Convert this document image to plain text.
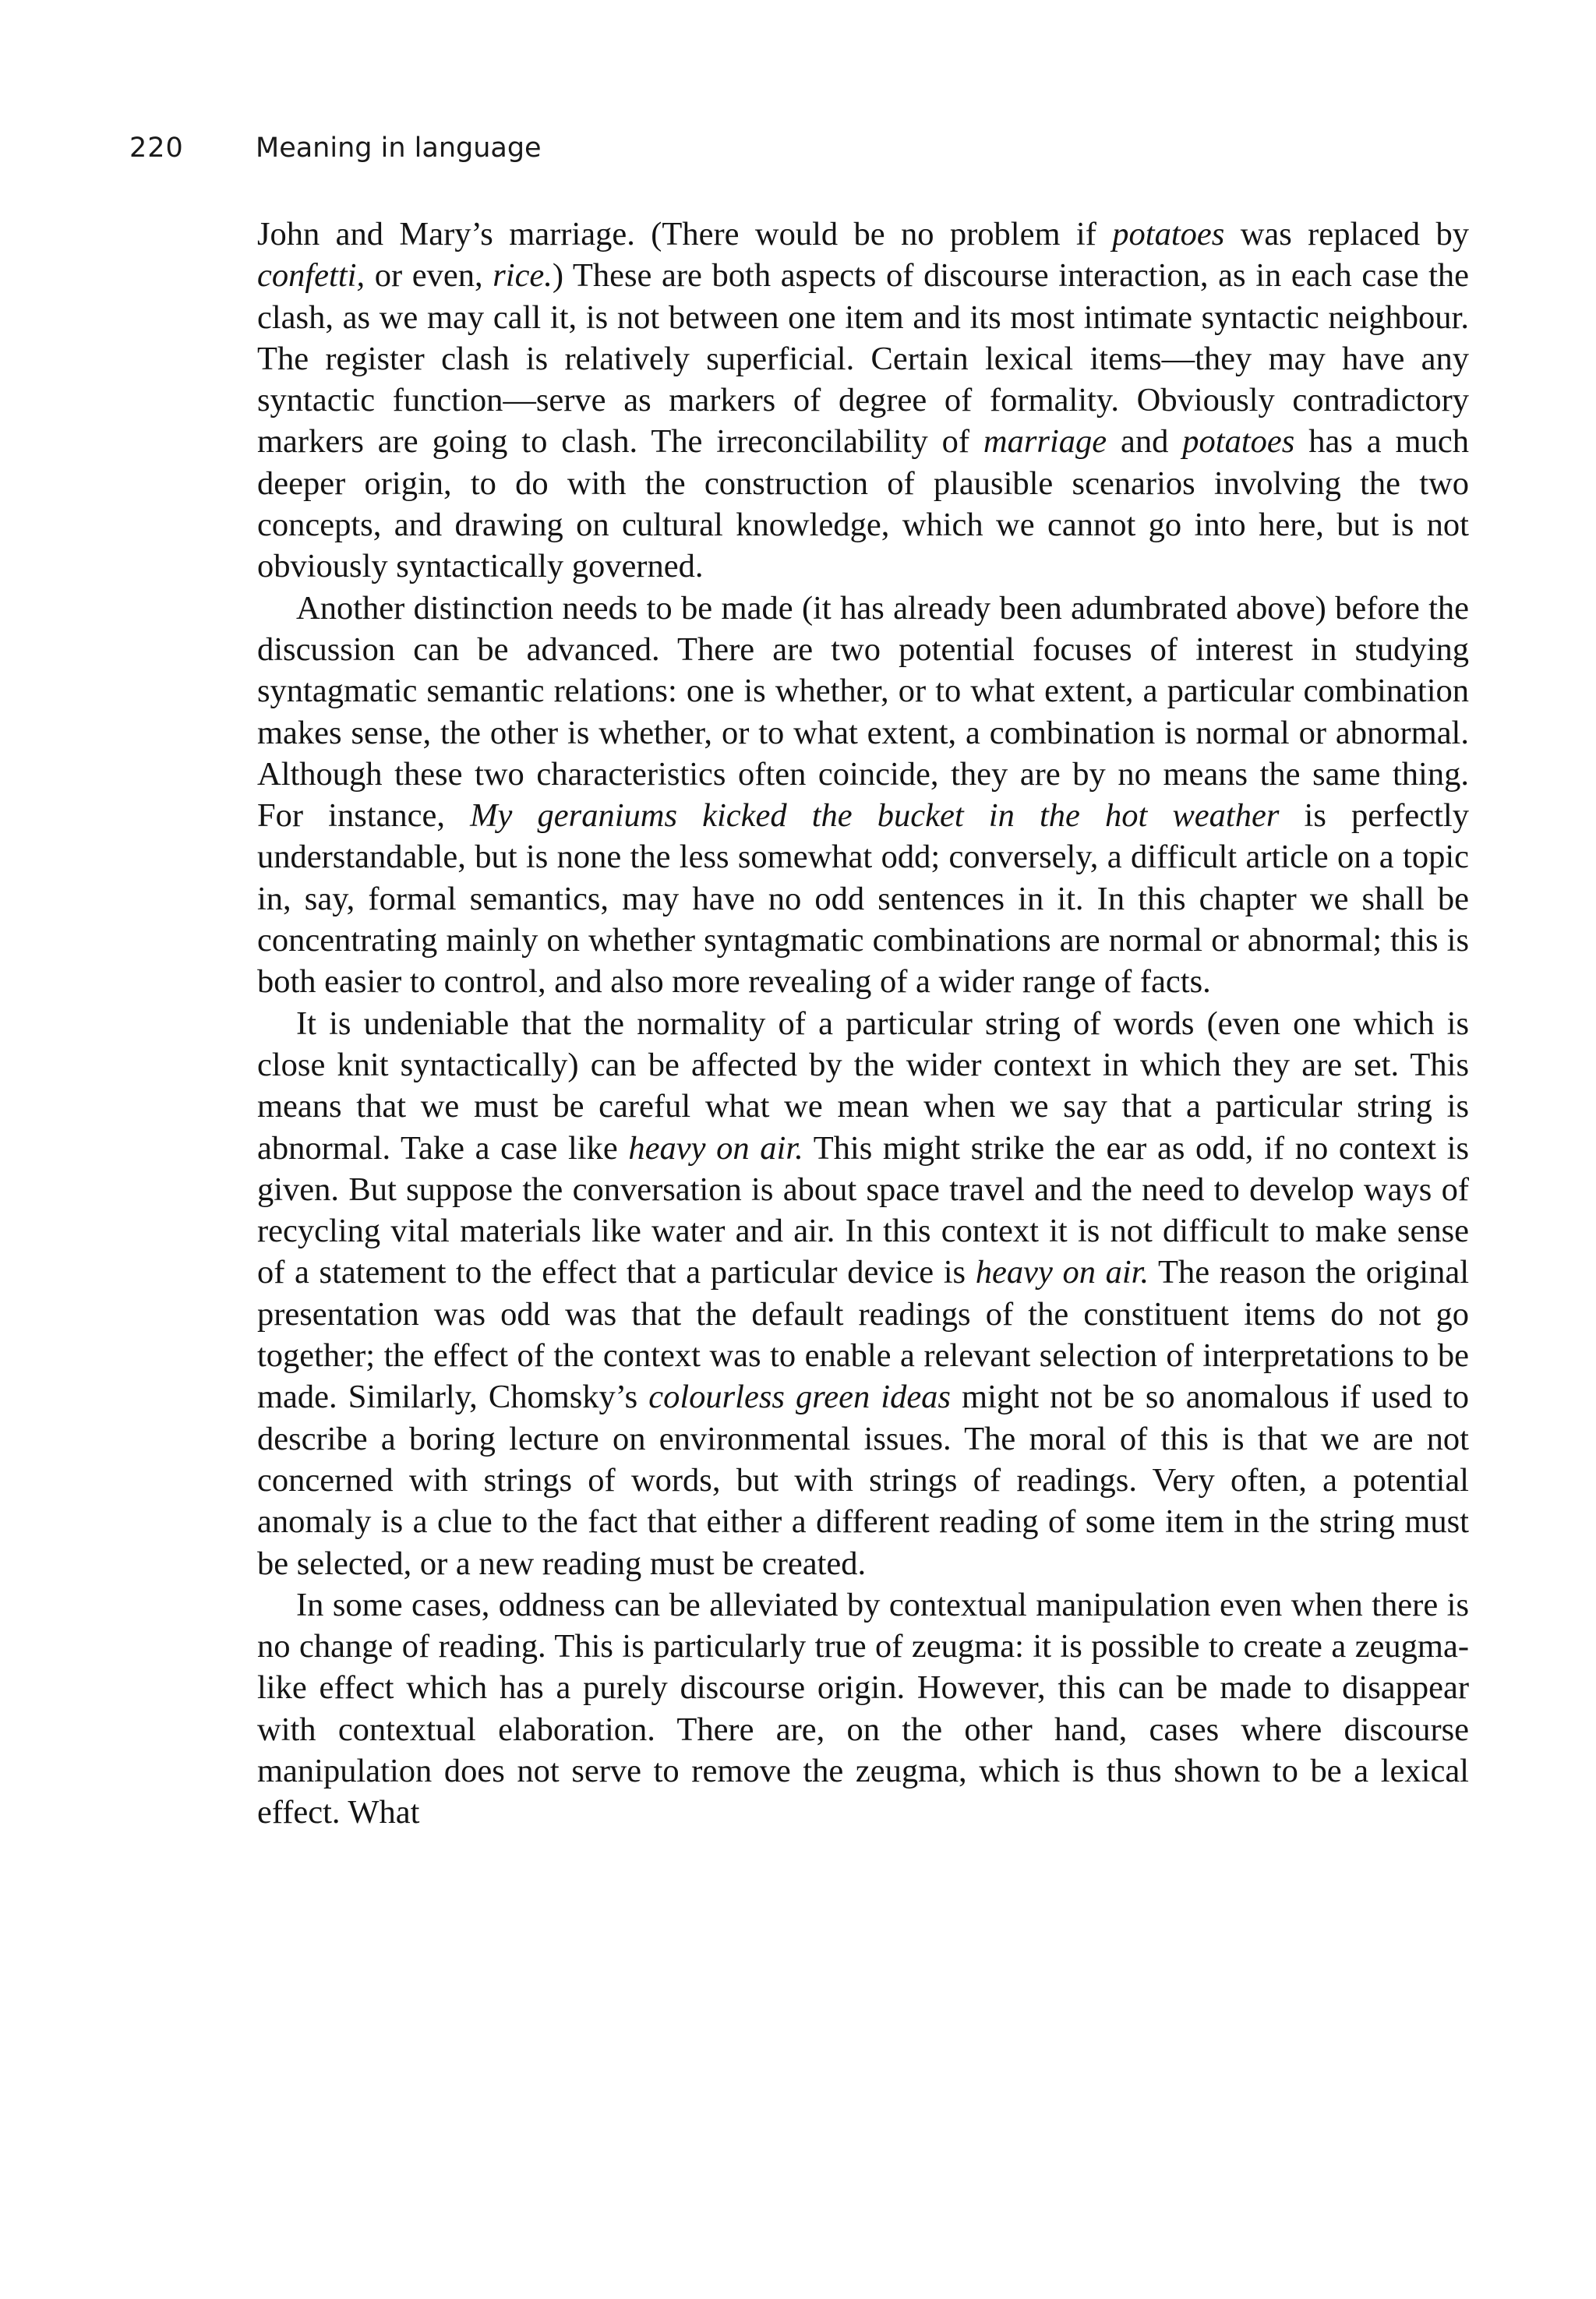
220	Meaning in language

John and Mary’s marriage. (There would be no problem if potatoes was replaced by confetti, or even, rice.) These are both aspects of discourse interaction, as in each case the clash, as we may call it, is not between one item and its most intimate syntactic neighbour. The register clash is relatively superficial. Certain lexical items—they may have any syntactic function—serve as markers of degree of formality. Obviously contradictory markers are going to clash. The irreconcilability of marriage and potatoes has a much deeper origin, to do with the construction of plausible scenarios involving the two concepts, and drawing on cultural knowledge, which we cannot go into here, but is not obviously syntactically governed.

Another distinction needs to be made (it has already been adumbrated above) before the discussion can be advanced. There are two potential focuses of interest in studying syntagmatic semantic relations: one is whether, or to what extent, a particular combination makes sense, the other is whether, or to what extent, a combination is normal or abnormal. Although these two characteristics often coincide, they are by no means the same thing. For instance, My geraniums kicked the bucket in the hot weather is perfectly understandable, but is none the less somewhat odd; conversely, a difficult article on a topic in, say, formal semantics, may have no odd sentences in it. In this chapter we shall be concentrating mainly on whether syntagmatic combinations are normal or abnormal; this is both easier to control, and also more revealing of a wider range of facts.

It is undeniable that the normality of a particular string of words (even one which is close knit syntactically) can be affected by the wider context in which they are set. This means that we must be careful what we mean when we say that a particular string is abnormal. Take a case like heavy on air. This might strike the ear as odd, if no context is given. But suppose the conversation is about space travel and the need to develop ways of recycling vital materials like water and air. In this context it is not difficult to make sense of a statement to the effect that a particular device is heavy on air. The reason the original presentation was odd was that the default readings of the constituent items do not go together; the effect of the context was to enable a relevant selection of interpretations to be made. Similarly, Chomsky’s colourless green ideas might not be so anomalous if used to describe a boring lecture on environmental issues. The moral of this is that we are not concerned with strings of words, but with strings of readings. Very often, a potential anomaly is a clue to the fact that either a different reading of some item in the string must be selected, or a new reading must be created.

In some cases, oddness can be alleviated by contextual manipulation even when there is no change of reading. This is particularly true of zeugma: it is possible to create a zeugma-like effect which has a purely discourse origin. However, this can be made to disappear with contextual elaboration. There are, on the other hand, cases where discourse manipulation does not serve to remove the zeugma, which is thus shown to be a lexical effect. What
